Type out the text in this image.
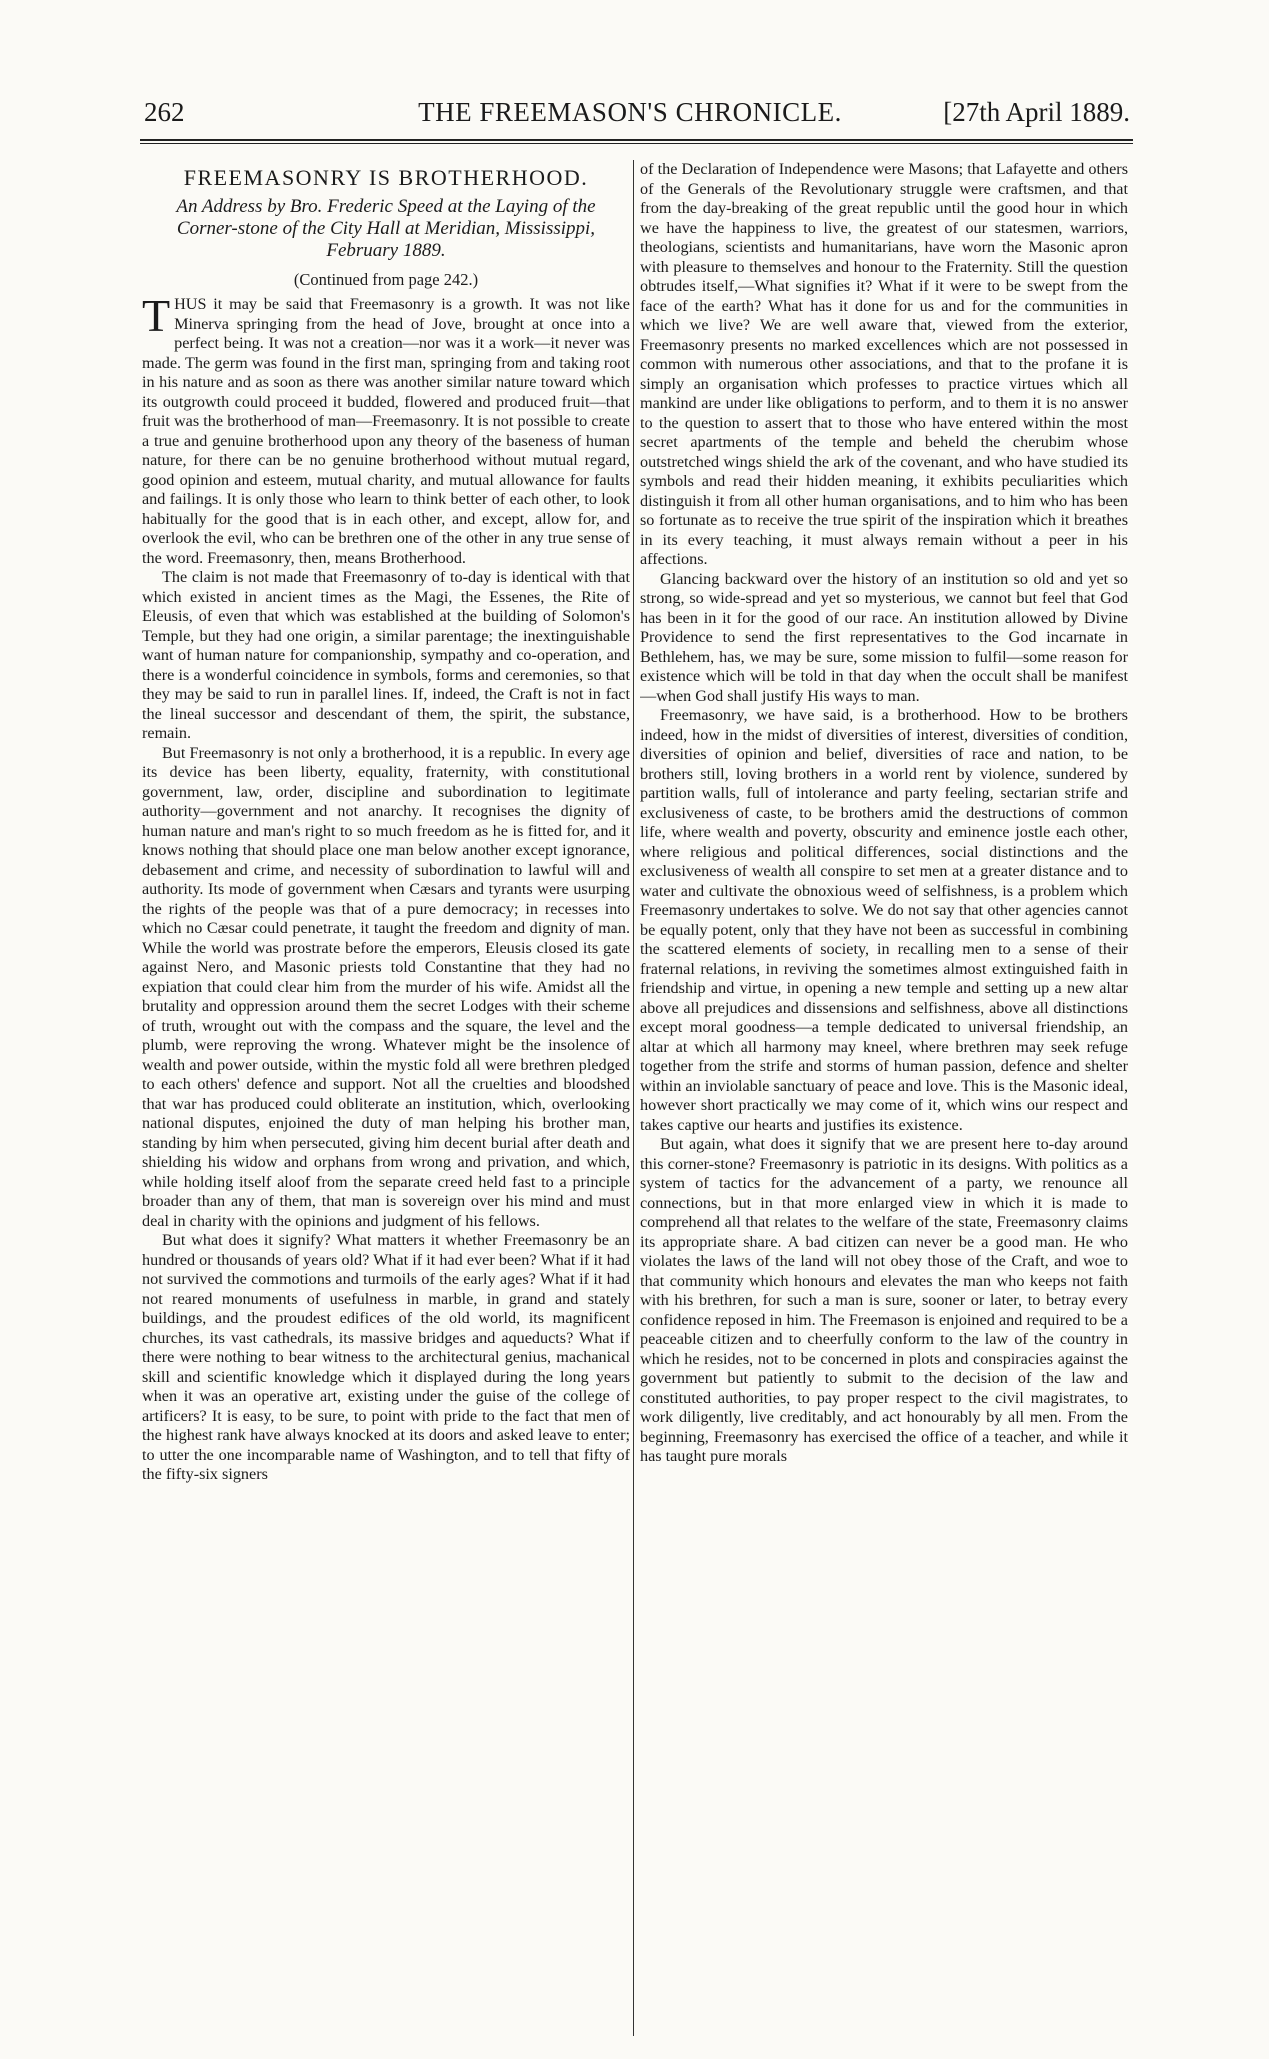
262	THE FREEMASON'S CHRONICLE.	[27th April 1889.
FREEMASONRY IS BROTHERHOOD.
An Address by Bro. Frederic Speed at the Laying of the Corner-stone of the City Hall at Meridian, Mississippi, February 1889.
(Continued from page 242.)

THUS it may be said that Freemasonry is a growth. It was not like Minerva springing from the head of Jove, brought at once into a perfect being. It was not a creation—nor was it a work—it never was made. The germ was found in the first man, springing from and taking root in his nature and as soon as there was another similar nature toward which its outgrowth could proceed it budded, flowered and produced fruit—that fruit was the brotherhood of man—Freemasonry. It is not possible to create a true and genuine brotherhood upon any theory of the baseness of human nature, for there can be no genuine brotherhood without mutual regard, good opinion and esteem, mutual charity, and mutual allowance for faults and failings. It is only those who learn to think better of each other, to look habitually for the good that is in each other, and except, allow for, and overlook the evil, who can be brethren one of the other in any true sense of the word. Freemasonry, then, means Brotherhood.

The claim is not made that Freemasonry of to-day is identical with that which existed in ancient times as the Magi, the Essenes, the Rite of Eleusis, of even that which was established at the building of Solomon's Temple, but they had one origin, a similar parentage; the inextinguishable want of human nature for companionship, sympathy and co-operation, and there is a wonderful coincidence in symbols, forms and ceremonies, so that they may be said to run in parallel lines. If, indeed, the Craft is not in fact the lineal successor and descendant of them, the spirit, the substance, remain.

But Freemasonry is not only a brotherhood, it is a republic. In every age its device has been liberty, equality, fraternity, with constitutional government, law, order, discipline and subordination to legitimate authority—government and not anarchy. It recognises the dignity of human nature and man's right to so much freedom as he is fitted for, and it knows nothing that should place one man below another except ignorance, debasement and crime, and necessity of subordination to lawful will and authority. Its mode of government when Cæsars and tyrants were usurping the rights of the people was that of a pure democracy; in recesses into which no Cæsar could penetrate, it taught the freedom and dignity of man. While the world was prostrate before the emperors, Eleusis closed its gate against Nero, and Masonic priests told Constantine that they had no expiation that could clear him from the murder of his wife. Amidst all the brutality and oppression around them the secret Lodges with their scheme of truth, wrought out with the compass and the square, the level and the plumb, were reproving the wrong. Whatever might be the insolence of wealth and power outside, within the mystic fold all were brethren pledged to each others' defence and support. Not all the cruelties and bloodshed that war has produced could obliterate an institution, which, overlooking national disputes, enjoined the duty of man helping his brother man, standing by him when persecuted, giving him decent burial after death and shielding his widow and orphans from wrong and privation, and which, while holding itself aloof from the separate creed held fast to a principle broader than any of them, that man is sovereign over his mind and must deal in charity with the opinions and judgment of his fellows.

But what does it signify? What matters it whether Freemasonry be an hundred or thousands of years old? What if it had ever been? What if it had not survived the commotions and turmoils of the early ages? What if it had not reared monuments of usefulness in marble, in grand and stately buildings, and the proudest edifices of the old world, its magnificent churches, its vast cathedrals, its massive bridges and aqueducts? What if there were nothing to bear witness to the architectural genius, machanical skill and scientific knowledge which it displayed during the long years when it was an operative art, existing under the guise of the college of artificers? It is easy, to be sure, to point with pride to the fact that men of the highest rank have always knocked at its doors and asked leave to enter; to utter the one incomparable name of Washington, and to tell that fifty of the fifty-six signers

of the Declaration of Independence were Masons; that Lafayette and others of the Generals of the Revolutionary struggle were craftsmen, and that from the day-breaking of the great republic until the good hour in which we have the happiness to live, the greatest of our statesmen, warriors, theologians, scientists and humanitarians, have worn the Masonic apron with pleasure to themselves and honour to the Fraternity. Still the question obtrudes itself,—What signifies it? What if it were to be swept from the face of the earth? What has it done for us and for the communities in which we live? We are well aware that, viewed from the exterior, Freemasonry presents no marked excellences which are not possessed in common with numerous other associations, and that to the profane it is simply an organisation which professes to practice virtues which all mankind are under like obligations to perform, and to them it is no answer to the question to assert that to those who have entered within the most secret apartments of the temple and beheld the cherubim whose outstretched wings shield the ark of the covenant, and who have studied its symbols and read their hidden meaning, it exhibits peculiarities which distinguish it from all other human organisations, and to him who has been so fortunate as to receive the true spirit of the inspiration which it breathes in its every teaching, it must always remain without a peer in his affections.

Glancing backward over the history of an institution so old and yet so strong, so wide-spread and yet so mysterious, we cannot but feel that God has been in it for the good of our race. An institution allowed by Divine Providence to send the first representatives to the God incarnate in Bethlehem, has, we may be sure, some mission to fulfil—some reason for existence which will be told in that day when the occult shall be manifest—when God shall justify His ways to man.

Freemasonry, we have said, is a brotherhood. How to be brothers indeed, how in the midst of diversities of interest, diversities of condition, diversities of opinion and belief, diversities of race and nation, to be brothers still, loving brothers in a world rent by violence, sundered by partition walls, full of intolerance and party feeling, sectarian strife and exclusiveness of caste, to be brothers amid the destructions of common life, where wealth and poverty, obscurity and eminence jostle each other, where religious and political differences, social distinctions and the exclusiveness of wealth all conspire to set men at a greater distance and to water and cultivate the obnoxious weed of selfishness, is a problem which Freemasonry undertakes to solve. We do not say that other agencies cannot be equally potent, only that they have not been as successful in combining the scattered elements of society, in recalling men to a sense of their fraternal relations, in reviving the sometimes almost extinguished faith in friendship and virtue, in opening a new temple and setting up a new altar above all prejudices and dissensions and selfishness, above all distinctions except moral goodness—a temple dedicated to universal friendship, an altar at which all harmony may kneel, where brethren may seek refuge together from the strife and storms of human passion, defence and shelter within an inviolable sanctuary of peace and love. This is the Masonic ideal, however short practically we may come of it, which wins our respect and takes captive our hearts and justifies its existence.

But again, what does it signify that we are present here to-day around this corner-stone? Freemasonry is patriotic in its designs. With politics as a system of tactics for the advancement of a party, we renounce all connections, but in that more enlarged view in which it is made to comprehend all that relates to the welfare of the state, Freemasonry claims its appropriate share. A bad citizen can never be a good man. He who violates the laws of the land will not obey those of the Craft, and woe to that community which honours and elevates the man who keeps not faith with his brethren, for such a man is sure, sooner or later, to betray every confidence reposed in him. The Freemason is enjoined and required to be a peaceable citizen and to cheerfully conform to the law of the country in which he resides, not to be concerned in plots and conspiracies against the government but patiently to submit to the decision of the law and constituted authorities, to pay proper respect to the civil magistrates, to work diligently, live creditably, and act honourably by all men. From the beginning, Freemasonry has exercised the office of a teacher, and while it has taught pure morals
